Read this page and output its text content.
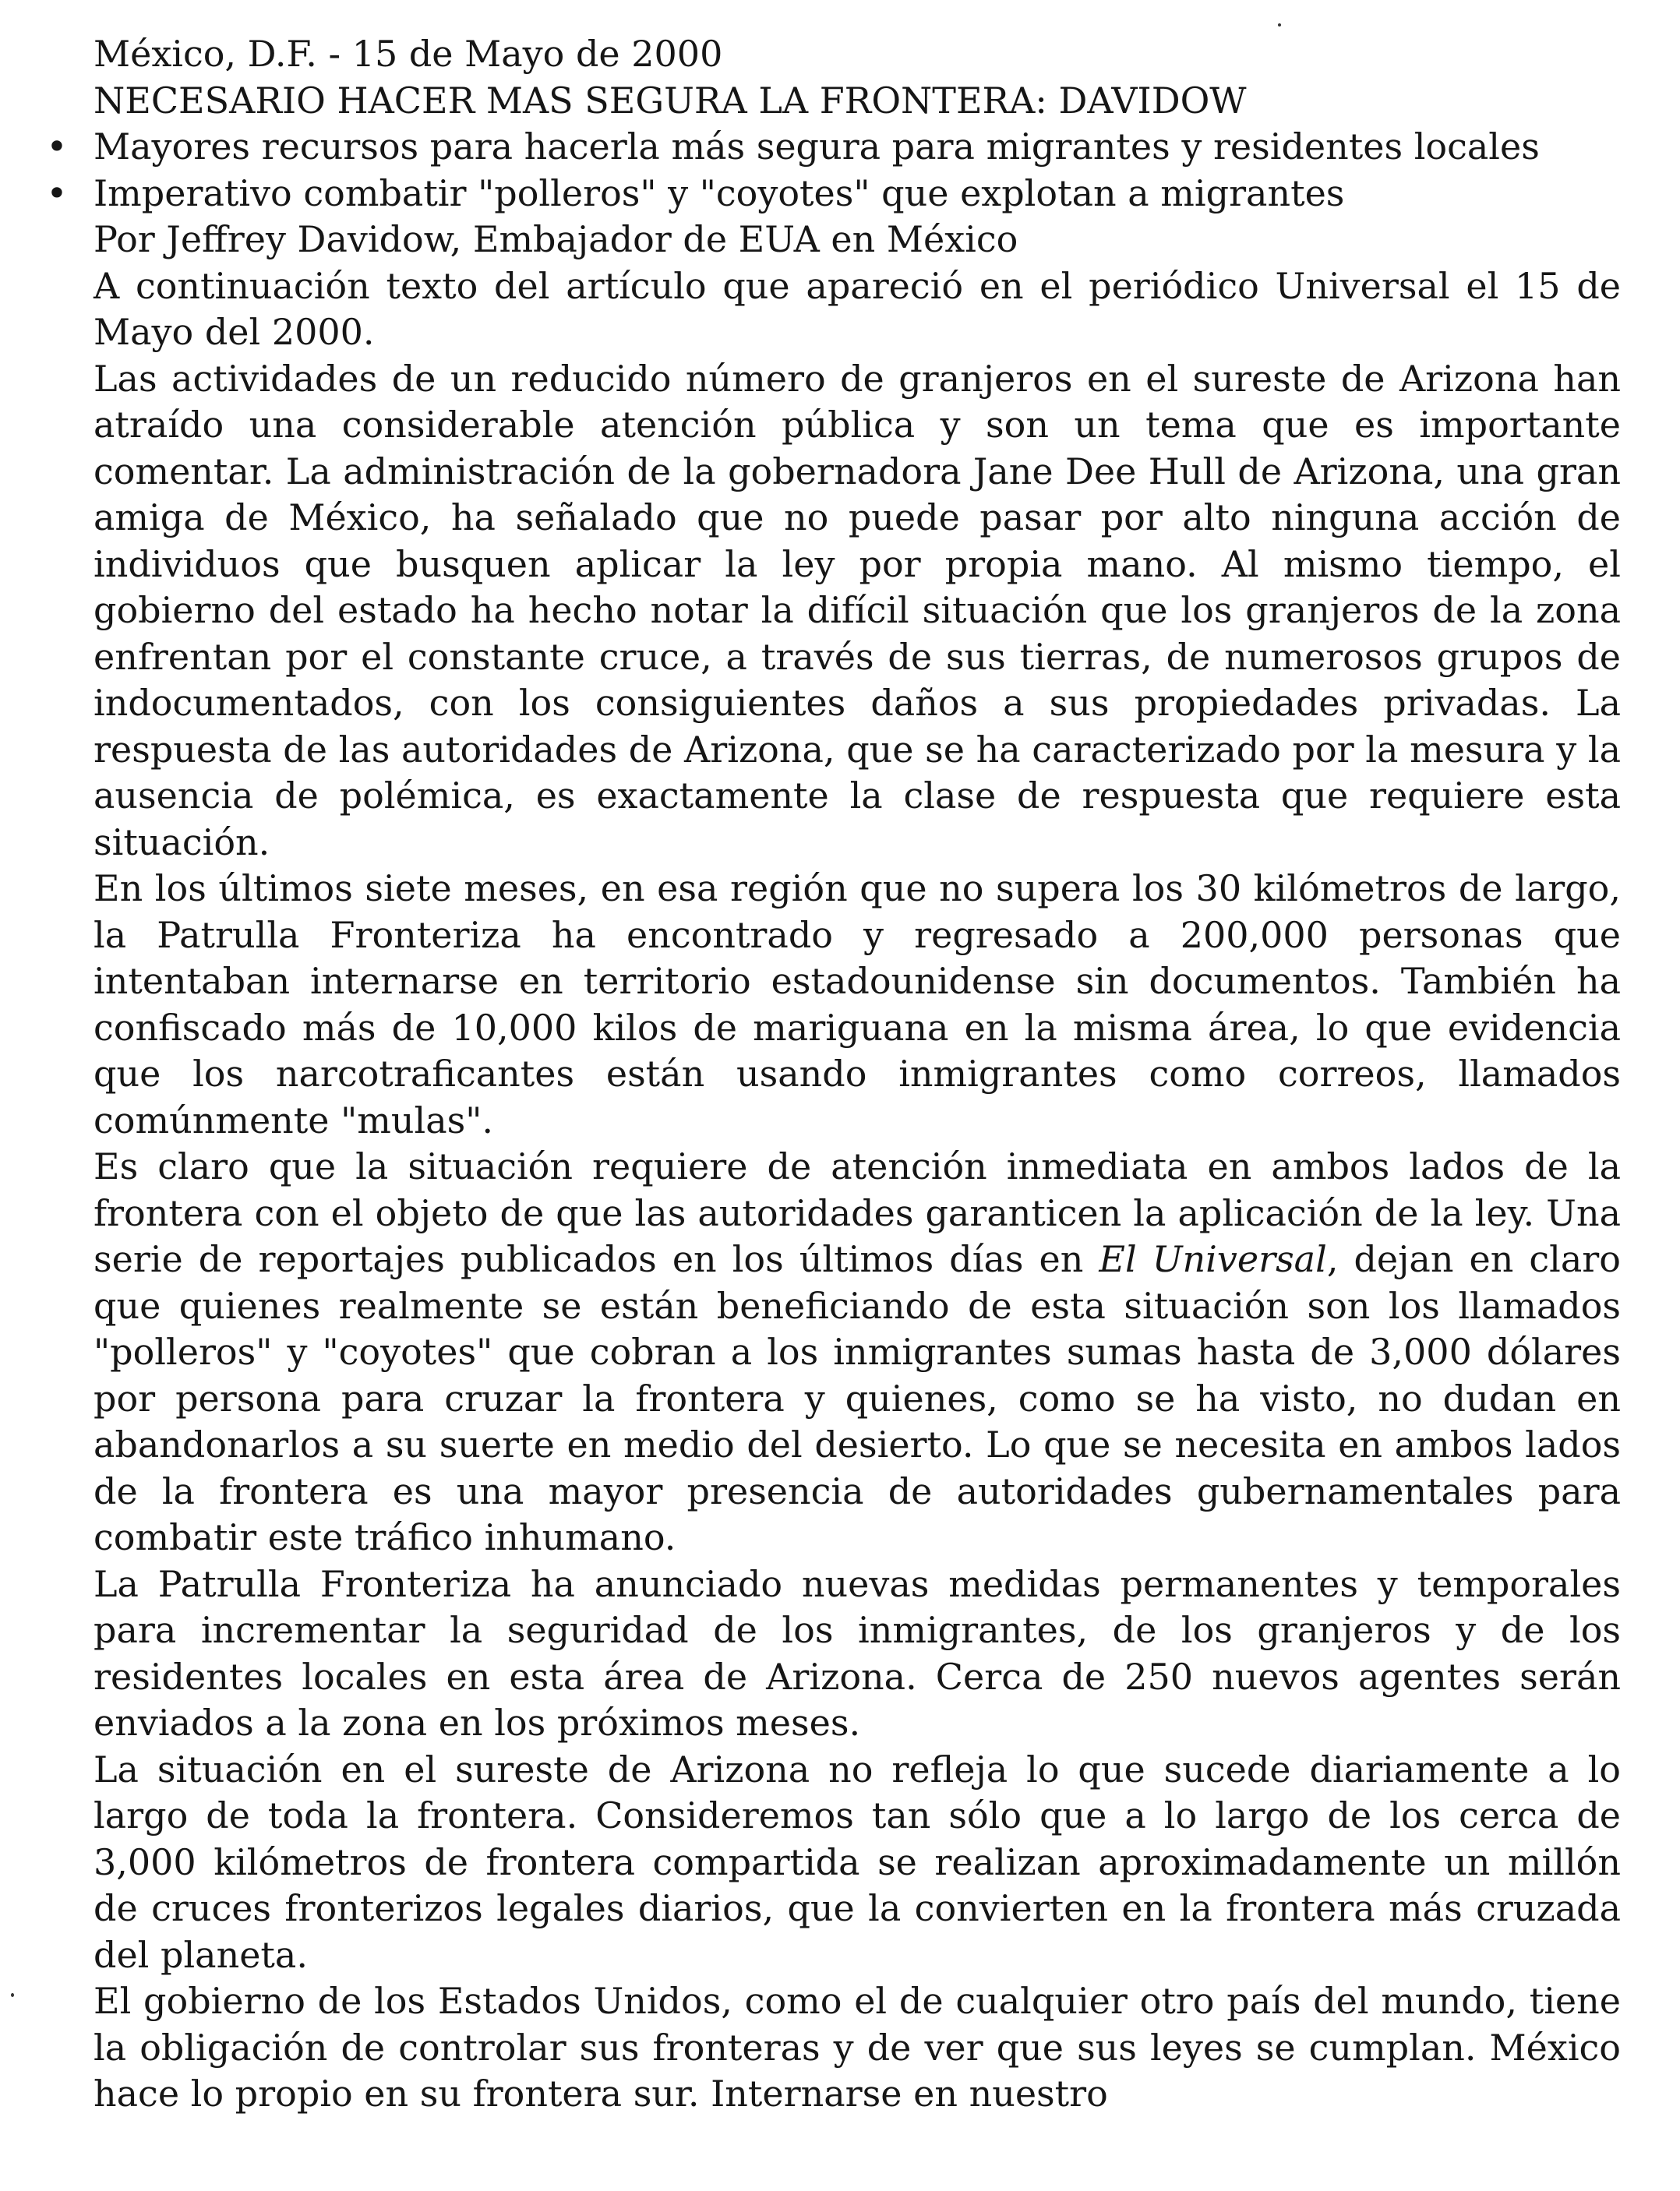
México, D.F. - 15 de Mayo de 2000

NECESARIO HACER MAS SEGURA LA FRONTERA: DAVIDOW

• Mayores recursos para hacerla más segura para migrantes y residentes locales
• Imperativo combatir "polleros" y "coyotes" que explotan a migrantes

Por Jeffrey Davidow, Embajador de EUA en México

A continuación texto del artículo que apareció en el periódico Universal el 15 de Mayo del 2000.

Las actividades de un reducido número de granjeros en el sureste de Arizona han atraído una considerable atención pública y son un tema que es importante comentar. La administración de la gobernadora Jane Dee Hull de Arizona, una gran amiga de México, ha señalado que no puede pasar por alto ninguna acción de individuos que busquen aplicar la ley por propia mano. Al mismo tiempo, el gobierno del estado ha hecho notar la difícil situación que los granjeros de la zona enfrentan por el constante cruce, a través de sus tierras, de numerosos grupos de indocumentados, con los consiguientes daños a sus propiedades privadas. La respuesta de las autoridades de Arizona, que se ha caracterizado por la mesura y la ausencia de polémica, es exactamente la clase de respuesta que requiere esta situación.

En los últimos siete meses, en esa región que no supera los 30 kilómetros de largo, la Patrulla Fronteriza ha encontrado y regresado a 200,000 personas que intentaban internarse en territorio estadounidense sin documentos. También ha confiscado más de 10,000 kilos de mariguana en la misma área, lo que evidencia que los narcotraficantes están usando inmigrantes como correos, llamados comúnmente "mulas".

Es claro que la situación requiere de atención inmediata en ambos lados de la frontera con el objeto de que las autoridades garanticen la aplicación de la ley. Una serie de reportajes publicados en los últimos días en El Universal, dejan en claro que quienes realmente se están beneficiando de esta situación son los llamados "polleros" y "coyotes" que cobran a los inmigrantes sumas hasta de 3,000 dólares por persona para cruzar la frontera y quienes, como se ha visto, no dudan en abandonarlos a su suerte en medio del desierto. Lo que se necesita en ambos lados de la frontera es una mayor presencia de autoridades gubernamentales para combatir este tráfico inhumano.

La Patrulla Fronteriza ha anunciado nuevas medidas permanentes y temporales para incrementar la seguridad de los inmigrantes, de los granjeros y de los residentes locales en esta área de Arizona. Cerca de 250 nuevos agentes serán enviados a la zona en los próximos meses.

La situación en el sureste de Arizona no refleja lo que sucede diariamente a lo largo de toda la frontera. Consideremos tan sólo que a lo largo de los cerca de 3,000 kilómetros de frontera compartida se realizan aproximadamente un millón de cruces fronterizos legales diarios, que la convierten en la frontera más cruzada del planeta.

El gobierno de los Estados Unidos, como el de cualquier otro país del mundo, tiene la obligación de controlar sus fronteras y de ver que sus leyes se cumplan. México hace lo propio en su frontera sur. Internarse en nuestro
